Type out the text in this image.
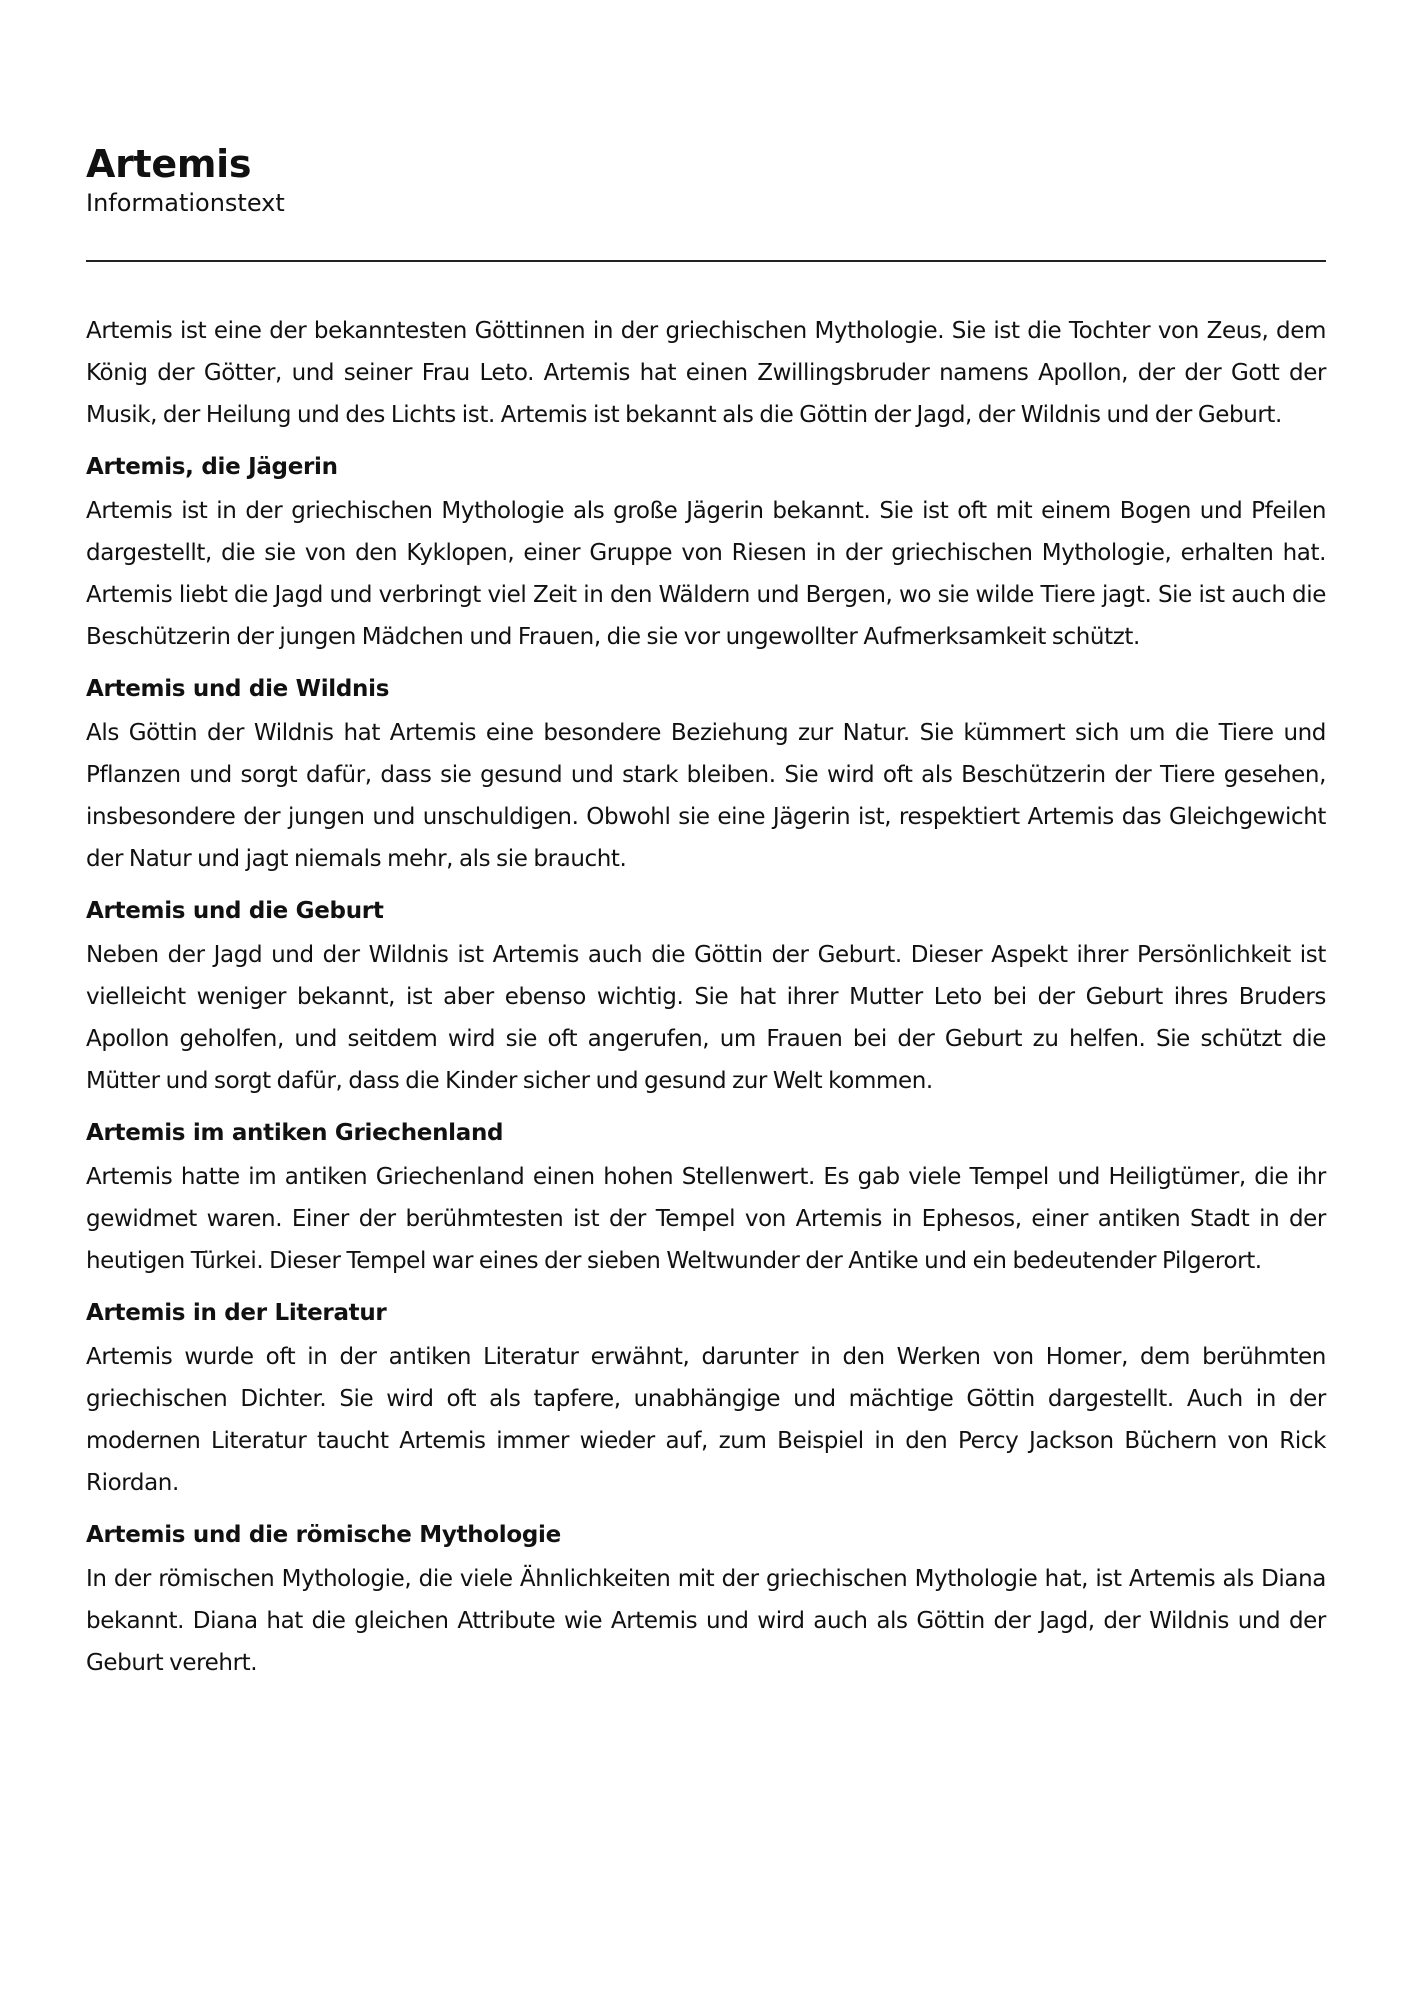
Artemis
Informationstext

Artemis ist eine der bekanntesten Göttinnen in der griechischen Mythologie. Sie ist die Tochter von Zeus, dem König der Götter, und seiner Frau Leto. Artemis hat einen Zwillingsbruder namens Apollon, der der Gott der Musik, der Heilung und des Lichts ist. Artemis ist bekannt als die Göttin der Jagd, der Wildnis und der Geburt.

Artemis, die Jägerin

Artemis ist in der griechischen Mythologie als große Jägerin bekannt. Sie ist oft mit einem Bogen und Pfeilen dargestellt, die sie von den Kyklopen, einer Gruppe von Riesen in der griechischen Mythologie, erhalten hat. Artemis liebt die Jagd und verbringt viel Zeit in den Wäldern und Bergen, wo sie wilde Tiere jagt. Sie ist auch die Beschützerin der jungen Mädchen und Frauen, die sie vor ungewollter Aufmerksamkeit schützt.

Artemis und die Wildnis

Als Göttin der Wildnis hat Artemis eine besondere Beziehung zur Natur. Sie kümmert sich um die Tiere und Pflanzen und sorgt dafür, dass sie gesund und stark bleiben. Sie wird oft als Beschützerin der Tiere gesehen, insbesondere der jungen und unschuldigen. Obwohl sie eine Jägerin ist, respektiert Artemis das Gleichgewicht der Natur und jagt niemals mehr, als sie braucht.

Artemis und die Geburt

Neben der Jagd und der Wildnis ist Artemis auch die Göttin der Geburt. Dieser Aspekt ihrer Persönlichkeit ist vielleicht weniger bekannt, ist aber ebenso wichtig. Sie hat ihrer Mutter Leto bei der Geburt ihres Bruders Apollon geholfen, und seitdem wird sie oft angerufen, um Frauen bei der Geburt zu helfen. Sie schützt die Mütter und sorgt dafür, dass die Kinder sicher und gesund zur Welt kommen.

Artemis im antiken Griechenland

Artemis hatte im antiken Griechenland einen hohen Stellenwert. Es gab viele Tempel und Heiligtümer, die ihr gewidmet waren. Einer der berühmtesten ist der Tempel von Artemis in Ephesos, einer antiken Stadt in der heutigen Türkei. Dieser Tempel war eines der sieben Weltwunder der Antike und ein bedeutender Pilgerort.

Artemis in der Literatur

Artemis wurde oft in der antiken Literatur erwähnt, darunter in den Werken von Homer, dem berühmten griechischen Dichter. Sie wird oft als tapfere, unabhängige und mächtige Göttin dargestellt. Auch in der modernen Literatur taucht Artemis immer wieder auf, zum Beispiel in den Percy Jackson Büchern von Rick Riordan.

Artemis und die römische Mythologie

In der römischen Mythologie, die viele Ähnlichkeiten mit der griechischen Mythologie hat, ist Artemis als Diana bekannt. Diana hat die gleichen Attribute wie Artemis und wird auch als Göttin der Jagd, der Wildnis und der Geburt verehrt.
